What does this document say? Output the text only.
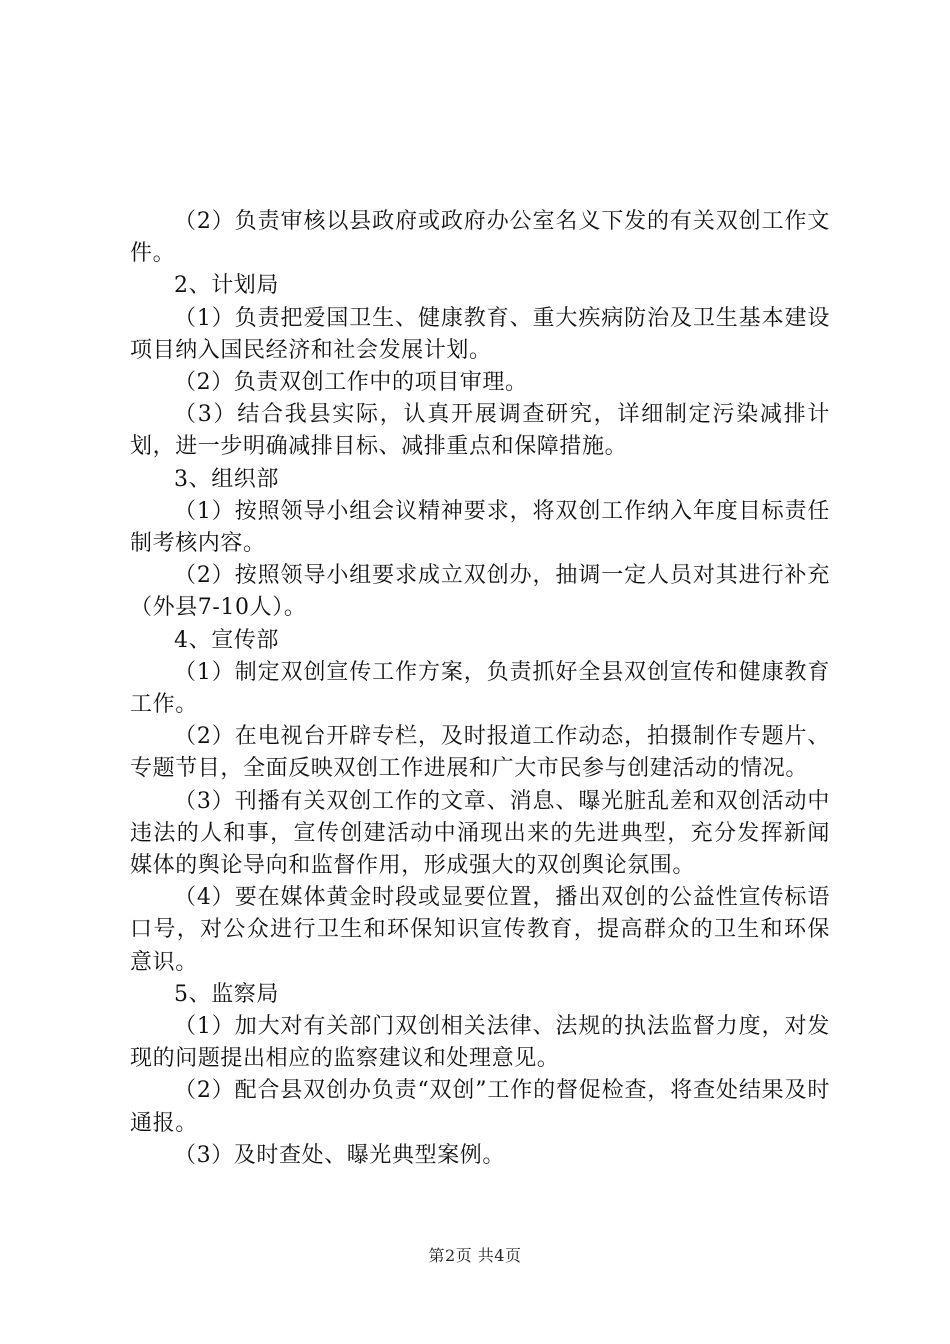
（2）负责审核以县政府或政府办公室名义下发的有关双创工作文件。

2、计划局

（1）负责把爱国卫生、健康教育、重大疾病防治及卫生基本建设项目纳入国民经济和社会发展计划。

（2）负责双创工作中的项目审理。

（3）结合我县实际，认真开展调查研究，详细制定污染减排计划，进一步明确减排目标、减排重点和保障措施。

3、组织部

（1）按照领导小组会议精神要求，将双创工作纳入年度目标责任制考核内容。

（2）按照领导小组要求成立双创办，抽调一定人员对其进行补充（外县7-10人）。

4、宣传部

（1）制定双创宣传工作方案，负责抓好全县双创宣传和健康教育工作。

（2）在电视台开辟专栏，及时报道工作动态，拍摄制作专题片、专题节目，全面反映双创工作进展和广大市民参与创建活动的情况。

（3）刊播有关双创工作的文章、消息、曝光脏乱差和双创活动中违法的人和事，宣传创建活动中涌现出来的先进典型，充分发挥新闻媒体的舆论导向和监督作用，形成强大的双创舆论氛围。

（4）要在媒体黄金时段或显要位置，播出双创的公益性宣传标语口号，对公众进行卫生和环保知识宣传教育，提高群众的卫生和环保意识。

5、监察局

（1）加大对有关部门双创相关法律、法规的执法监督力度，对发现的问题提出相应的监察建议和处理意见。

（2）配合县双创办负责“双创”工作的督促检查，将查处结果及时通报。

（3）及时查处、曝光典型案例。

第2页 共4页
